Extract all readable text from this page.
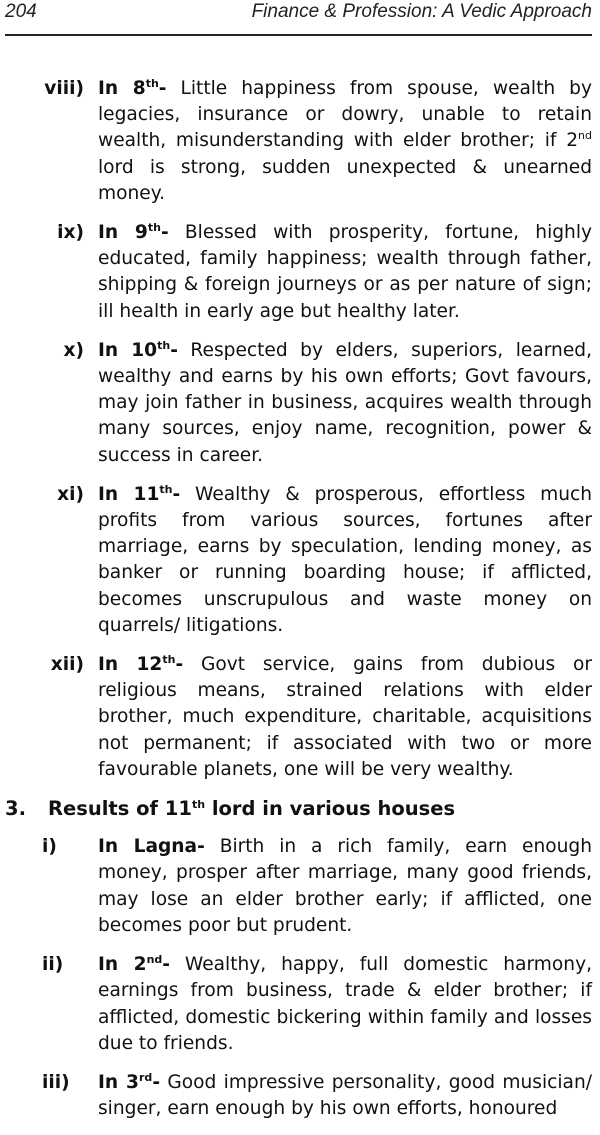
204	Finance & Profession: A Vedic Approach
viii) In 8th- Little happiness from spouse, wealth by legacies, insurance or dowry, unable to retain wealth, misunderstanding with elder brother; if 2nd lord is strong, sudden unexpected & unearned money.
ix) In 9th- Blessed with prosperity, fortune, highly educated, family happiness; wealth through father, shipping & foreign journeys or as per nature of sign; ill health in early age but healthy later.
x) In 10th- Respected by elders, superiors, learned, wealthy and earns by his own efforts; Govt favours, may join father in business, acquires wealth through many sources, enjoy name, recognition, power & success in career.
xi) In 11th- Wealthy & prosperous, effortless much profits from various sources, fortunes after marriage, earns by speculation, lending money, as banker or running boarding house; if afflicted, becomes unscrupulous and waste money on quarrels/ litigations.
xii) In 12th- Govt service, gains from dubious or religious means, strained relations with elder brother, much expenditure, charitable, acquisitions not permanent; if associated with two or more favourable planets, one will be very wealthy.
3. Results of 11th lord in various houses
i) In Lagna- Birth in a rich family, earn enough money, prosper after marriage, many good friends, may lose an elder brother early; if afflicted, one becomes poor but prudent.
ii) In 2nd- Wealthy, happy, full domestic harmony, earnings from business, trade & elder brother; if afflicted, domestic bickering within family and losses due to friends.
iii) In 3rd- Good impressive personality, good musician/ singer, earn enough by his own efforts, honoured
